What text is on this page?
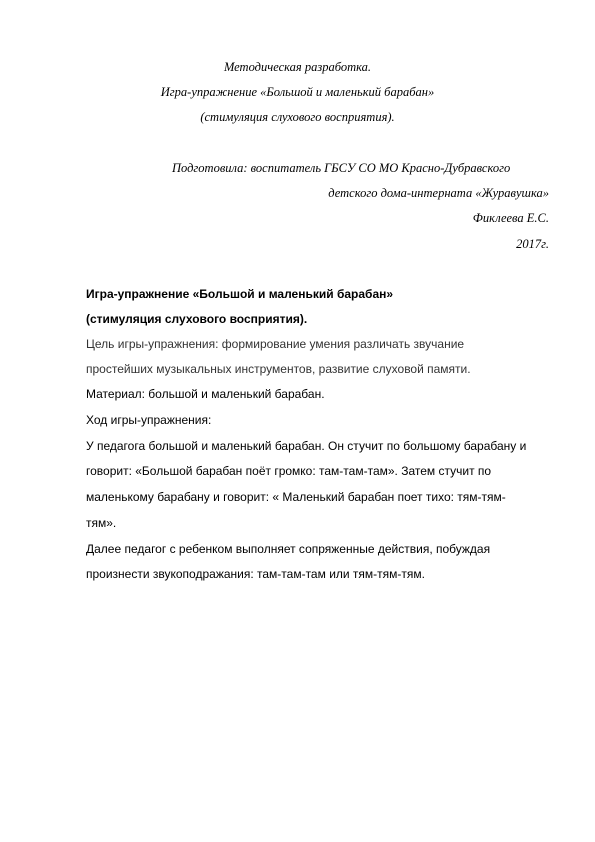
Методическая разработка.
Игра-упражнение «Большой и маленький барабан»
(стимуляция слухового восприятия).
Подготовила: воспитатель ГБСУ СО МО Красно-Дубравского
детского дома-интерната «Журавушка»
Фиклеева Е.С.
2017г.
Игра-упражнение «Большой и маленький барабан»
(стимуляция слухового восприятия).
Цель игры-упражнения: формирование умения различать звучание
простейших музыкальных инструментов, развитие слуховой памяти.
Материал: большой и маленький барабан.
Ход игры-упражнения:
У педагога большой и маленький барабан. Он стучит по большому барабану и
говорит: «Большой барабан поёт громко: там-там-там». Затем стучит по
маленькому барабану и говорит: « Маленький барабан поет тихо: тям-тям-
тям».
Далее педагог с ребенком выполняет сопряженные действия, побуждая
произнести звукоподражания: там-там-там или тям-тям-тям.
